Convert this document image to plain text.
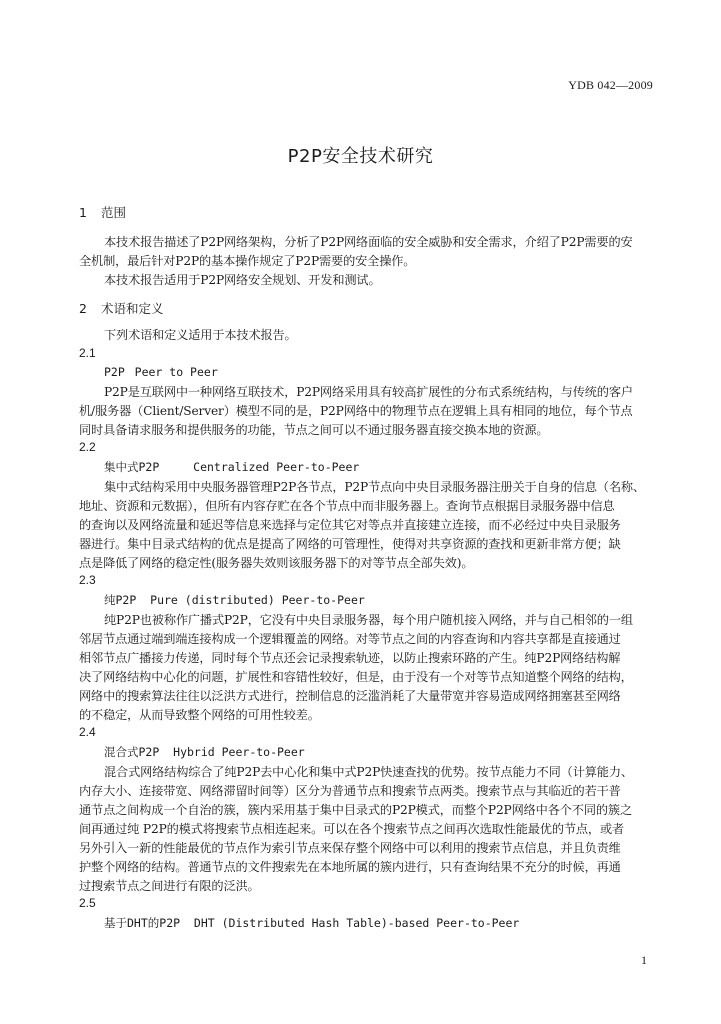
YDB 042—2009
P2P安全技术研究
1 范围
本技术报告描述了P2P网络架构，分析了P2P网络面临的安全威胁和安全需求，介绍了P2P需要的安
全机制，最后针对P2P的基本操作规定了P2P需要的安全操作。
本技术报告适用于P2P网络安全规划、开发和测试。
2 术语和定义
下列术语和定义适用于本技术报告。
2.1
P2P Peer to Peer
P2P是互联网中一种网络互联技术，P2P网络采用具有较高扩展性的分布式系统结构，与传统的客户
机/服务器（Client/Server）模型不同的是，P2P网络中的物理节点在逻辑上具有相同的地位，每个节点
同时具备请求服务和提供服务的功能，节点之间可以不通过服务器直接交换本地的资源。
2.2
集中式P2P	Centralized Peer-to-Peer
集中式结构采用中央服务器管理P2P各节点，P2P节点向中央目录服务器注册关于自身的信息（名称、
地址、资源和元数据），但所有内容存贮在各个节点中而非服务器上。查询节点根据目录服务器中信息
的查询以及网络流量和延迟等信息来选择与定位其它对等点并直接建立连接，而不必经过中央目录服务
器进行。集中目录式结构的优点是提高了网络的可管理性，使得对共享资源的查找和更新非常方便；缺
点是降低了网络的稳定性(服务器失效则该服务器下的对等节点全部失效)。
2.3
纯P2P Pure (distributed) Peer-to-Peer
纯P2P也被称作广播式P2P，它没有中央目录服务器，每个用户随机接入网络，并与自己相邻的一组
邻居节点通过端到端连接构成一个逻辑覆盖的网络。对等节点之间的内容查询和内容共享都是直接通过
相邻节点广播接力传递，同时每个节点还会记录搜索轨迹，以防止搜索环路的产生。纯P2P网络结构解
决了网络结构中心化的问题，扩展性和容错性较好，但是，由于没有一个对等节点知道整个网络的结构，
网络中的搜索算法往往以泛洪方式进行，控制信息的泛滥消耗了大量带宽并容易造成网络拥塞甚至网络
的不稳定，从而导致整个网络的可用性较差。
2.4
混合式P2P Hybrid Peer-to-Peer
混合式网络结构综合了纯P2P去中心化和集中式P2P快速查找的优势。按节点能力不同（计算能力、
内存大小、连接带宽、网络滞留时间等）区分为普通节点和搜索节点两类。搜索节点与其临近的若干普
通节点之间构成一个自治的簇，簇内采用基于集中目录式的P2P模式，而整个P2P网络中各个不同的簇之
间再通过纯 P2P的模式将搜索节点相连起来。可以在各个搜索节点之间再次选取性能最优的节点，或者
另外引入一新的性能最优的节点作为索引节点来保存整个网络中可以利用的搜索节点信息，并且负责维
护整个网络的结构。普通节点的文件搜索先在本地所属的簇内进行，只有查询结果不充分的时候，再通
过搜索节点之间进行有限的泛洪。
2.5
基于DHT的P2P DHT (Distributed Hash Table)-based Peer-to-Peer
1
